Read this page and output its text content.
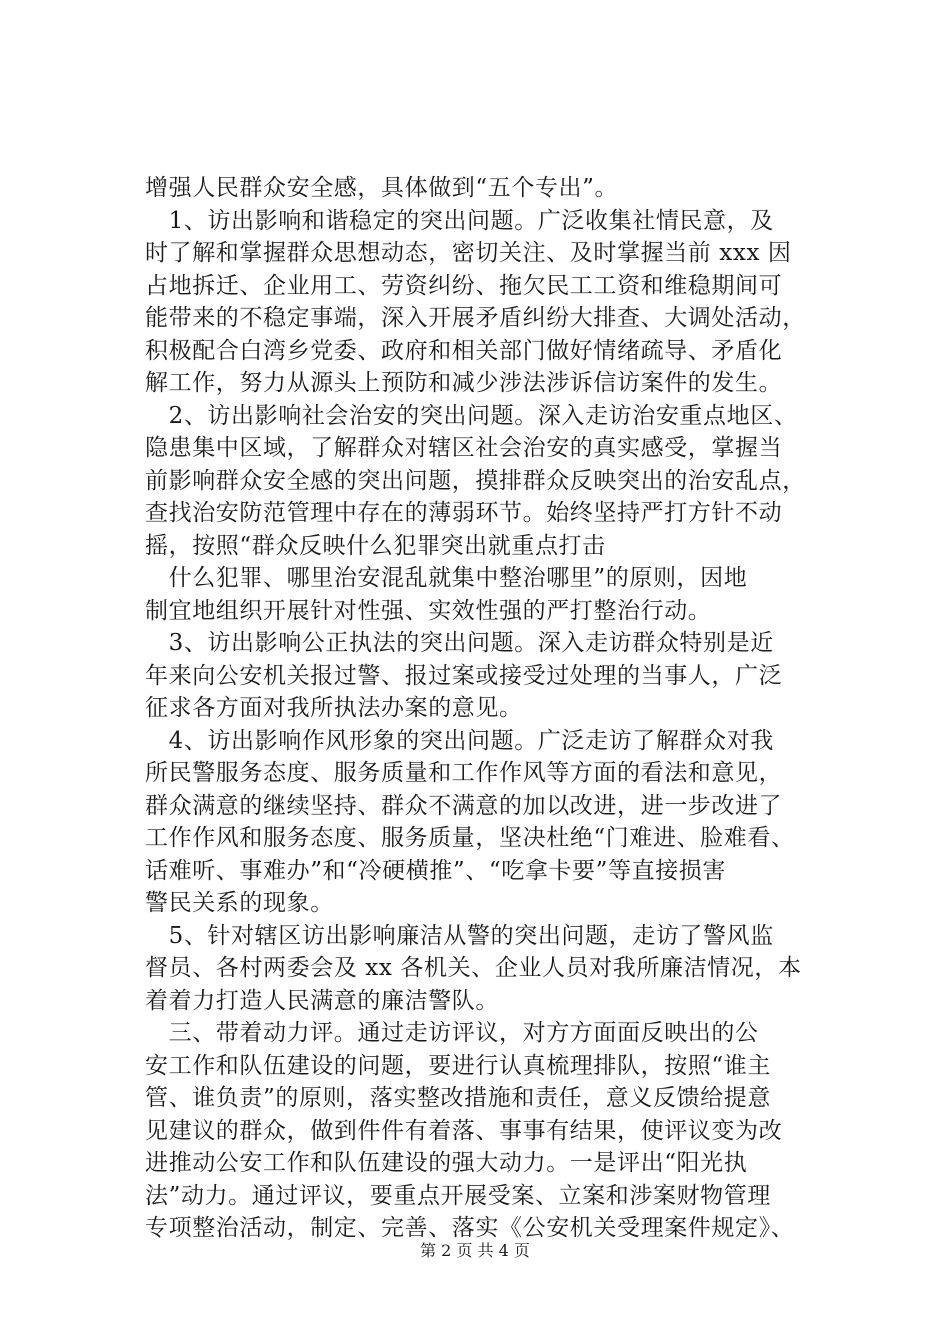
增强人民群众安全感，具体做到“五个专出”。
　1、访出影响和谐稳定的突出问题。广泛收集社情民意，及
时了解和掌握群众思想动态，密切关注、及时掌握当前 xxx 因
占地拆迁、企业用工、劳资纠纷、拖欠民工工资和维稳期间可
能带来的不稳定事端，深入开展矛盾纠纷大排查、大调处活动，
积极配合白湾乡党委、政府和相关部门做好情绪疏导、矛盾化
解工作，努力从源头上预防和减少涉法涉诉信访案件的发生。
　2、访出影响社会治安的突出问题。深入走访治安重点地区、
隐患集中区域，了解群众对辖区社会治安的真实感受，掌握当
前影响群众安全感的突出问题，摸排群众反映突出的治安乱点，
查找治安防范管理中存在的薄弱环节。始终坚持严打方针不动
摇，按照“群众反映什么犯罪突出就重点打击
　什么犯罪、哪里治安混乱就集中整治哪里”的原则，因地
制宜地组织开展针对性强、实效性强的严打整治行动。
　3、访出影响公正执法的突出问题。深入走访群众特别是近
年来向公安机关报过警、报过案或接受过处理的当事人，广泛
征求各方面对我所执法办案的意见。
　4、访出影响作风形象的突出问题。广泛走访了解群众对我
所民警服务态度、服务质量和工作作风等方面的看法和意见，
群众满意的继续坚持、群众不满意的加以改进，进一步改进了
工作作风和服务态度、服务质量，坚决杜绝“门难进、脸难看、
话难听、事难办”和“冷硬横推”、“吃拿卡要”等直接损害
警民关系的现象。
　5、针对辖区访出影响廉洁从警的突出问题，走访了警风监
督员、各村两委会及 xx 各机关、企业人员对我所廉洁情况，本
着着力打造人民满意的廉洁警队。
　三、带着动力评。通过走访评议，对方方面面反映出的公
安工作和队伍建设的问题，要进行认真梳理排队，按照“谁主
管、谁负责”的原则，落实整改措施和责任，意义反馈给提意
见建议的群众，做到件件有着落、事事有结果，使评议变为改
进推动公安工作和队伍建设的强大动力。一是评出“阳光执
法”动力。通过评议，要重点开展受案、立案和涉案财物管理
专项整治活动，制定、完善、落实《公安机关受理案件规定》、
第 2 页 共 4 页
